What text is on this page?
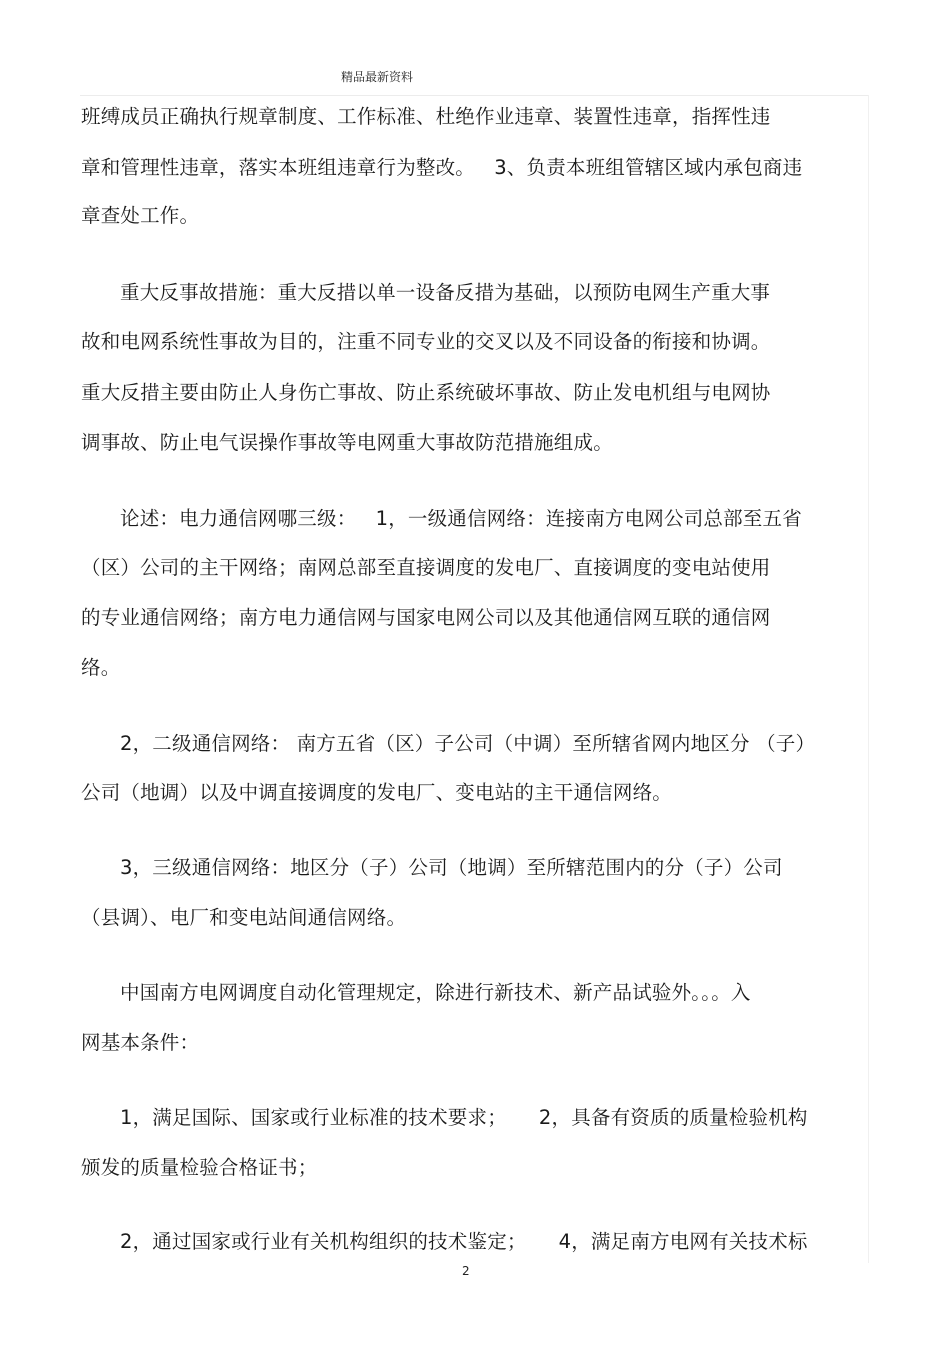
精品最新资料
班缚成员正确执行规章制度、工作标准、杜绝作业违章、装置性违章，指挥性违
章和管理性违章，落实本班组违章行为整改。   3、负责本班组管辖区域内承包商违
章查处工作。
重大反事故措施：重大反措以单一设备反措为基础，以预防电网生产重大事
故和电网系统性事故为目的，注重不同专业的交叉以及不同设备的衔接和协调。
重大反措主要由防止人身伤亡事故、防止系统破坏事故、防止发电机组与电网协
调事故、防止电气误操作事故等电网重大事故防范措施组成。
论述：电力通信网哪三级：   1，一级通信网络：连接南方电网公司总部至五省
（区）公司的主干网络；南网总部至直接调度的发电厂、直接调度的变电站使用
的专业通信网络；南方电力通信网与国家电网公司以及其他通信网互联的通信网
络。
2，二级通信网络： 南方五省（区）子公司（中调）至所辖省网内地区分 （子）
公司（地调）以及中调直接调度的发电厂、变电站的主干通信网络。
3，三级通信网络：地区分（子）公司（地调）至所辖范围内的分（子）公司
（县调）、电厂和变电站间通信网络。
中国南方电网调度自动化管理规定，除进行新技术、新产品试验外。。。入
网基本条件：
1，满足国际、国家或行业标准的技术要求；     2，具备有资质的质量检验机构
颁发的质量检验合格证书；
2，通过国家或行业有关机构组织的技术鉴定；     4，满足南方电网有关技术标
2
